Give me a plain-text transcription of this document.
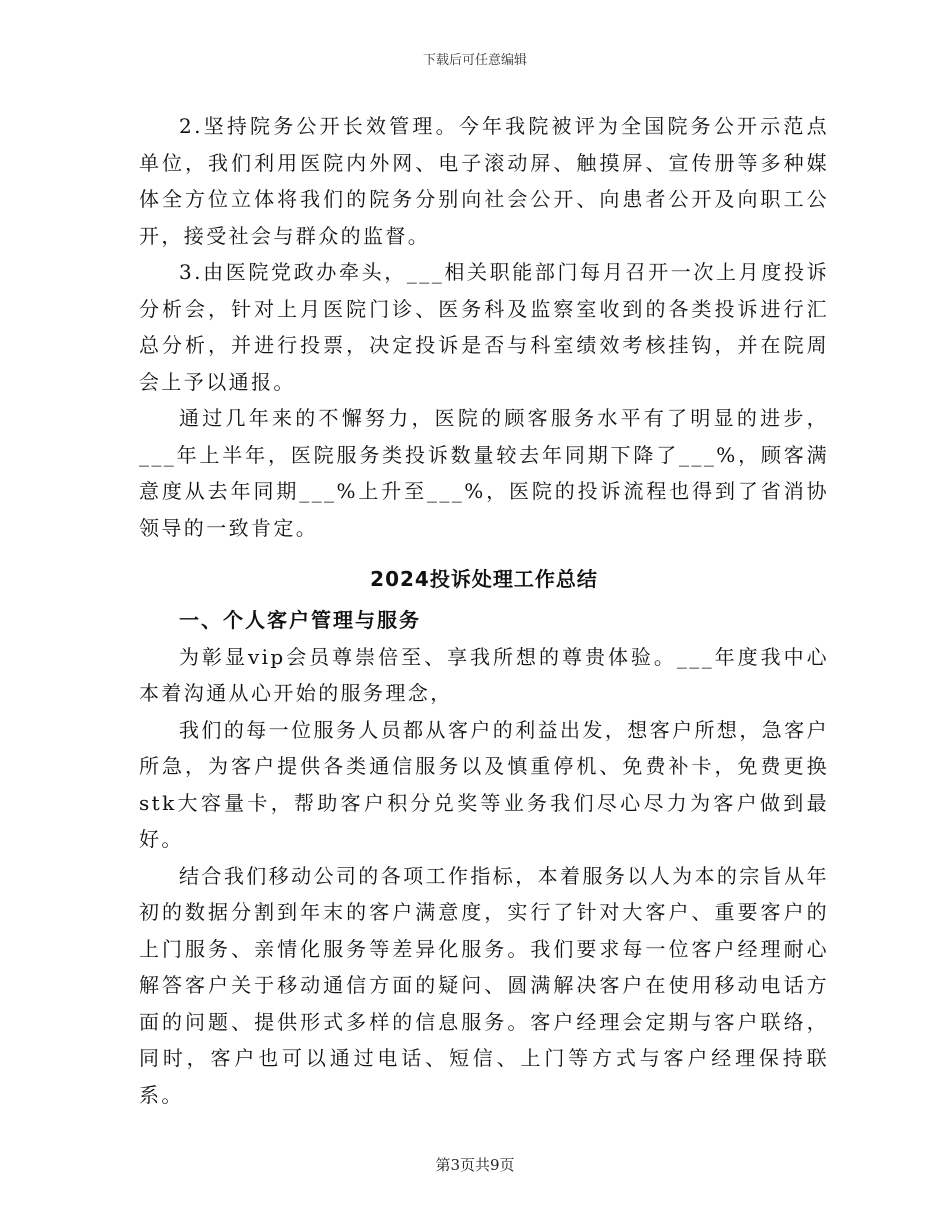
下载后可任意编辑

2.坚持院务公开长效管理。今年我院被评为全国院务公开示范点单位，我们利用医院内外网、电子滚动屏、触摸屏、宣传册等多种媒体全方位立体将我们的院务分别向社会公开、向患者公开及向职工公开，接受社会与群众的监督。

3.由医院党政办牵头，___相关职能部门每月召开一次上月度投诉分析会，针对上月医院门诊、医务科及监察室收到的各类投诉进行汇总分析，并进行投票，决定投诉是否与科室绩效考核挂钩，并在院周会上予以通报。

通过几年来的不懈努力，医院的顾客服务水平有了明显的进步，___年上半年，医院服务类投诉数量较去年同期下降了___%，顾客满意度从去年同期___%上升至___%，医院的投诉流程也得到了省消协领导的一致肯定。

2024投诉处理工作总结
一、个人客户管理与服务

为彰显vip会员尊崇倍至、享我所想的尊贵体验。___年度我中心本着沟通从心开始的服务理念，

我们的每一位服务人员都从客户的利益出发，想客户所想，急客户所急，为客户提供各类通信服务以及慎重停机、免费补卡，免费更换stk大容量卡，帮助客户积分兑奖等业务我们尽心尽力为客户做到最好。

结合我们移动公司的各项工作指标，本着服务以人为本的宗旨从年初的数据分割到年末的客户满意度，实行了针对大客户、重要客户的上门服务、亲情化服务等差异化服务。我们要求每一位客户经理耐心解答客户关于移动通信方面的疑问、圆满解决客户在使用移动电话方面的问题、提供形式多样的信息服务。客户经理会定期与客户联络，同时，客户也可以通过电话、短信、上门等方式与客户经理保持联系。

第3页共9页
